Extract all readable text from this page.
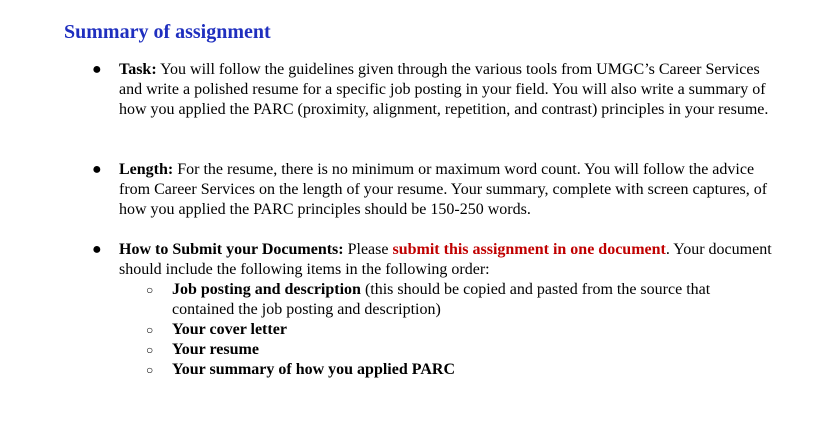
Summary of assignment
●	Task: You will follow the guidelines given through the various tools from UMGC’s Career Services and write a polished resume for a specific job posting in your field. You will also write a summary of how you applied the PARC (proximity, alignment, repetition, and contrast) principles in your resume.
●	Length: For the resume, there is no minimum or maximum word count. You will follow the advice from Career Services on the length of your resume. Your summary, complete with screen captures, of how you applied the PARC principles should be 150-250 words.
●	How to Submit your Documents: Please submit this assignment in one document. Your document should include the following items in the following order:
○	Job posting and description (this should be copied and pasted from the source that contained the job posting and description)
○	Your cover letter
○	Your resume
○	Your summary of how you applied PARC
